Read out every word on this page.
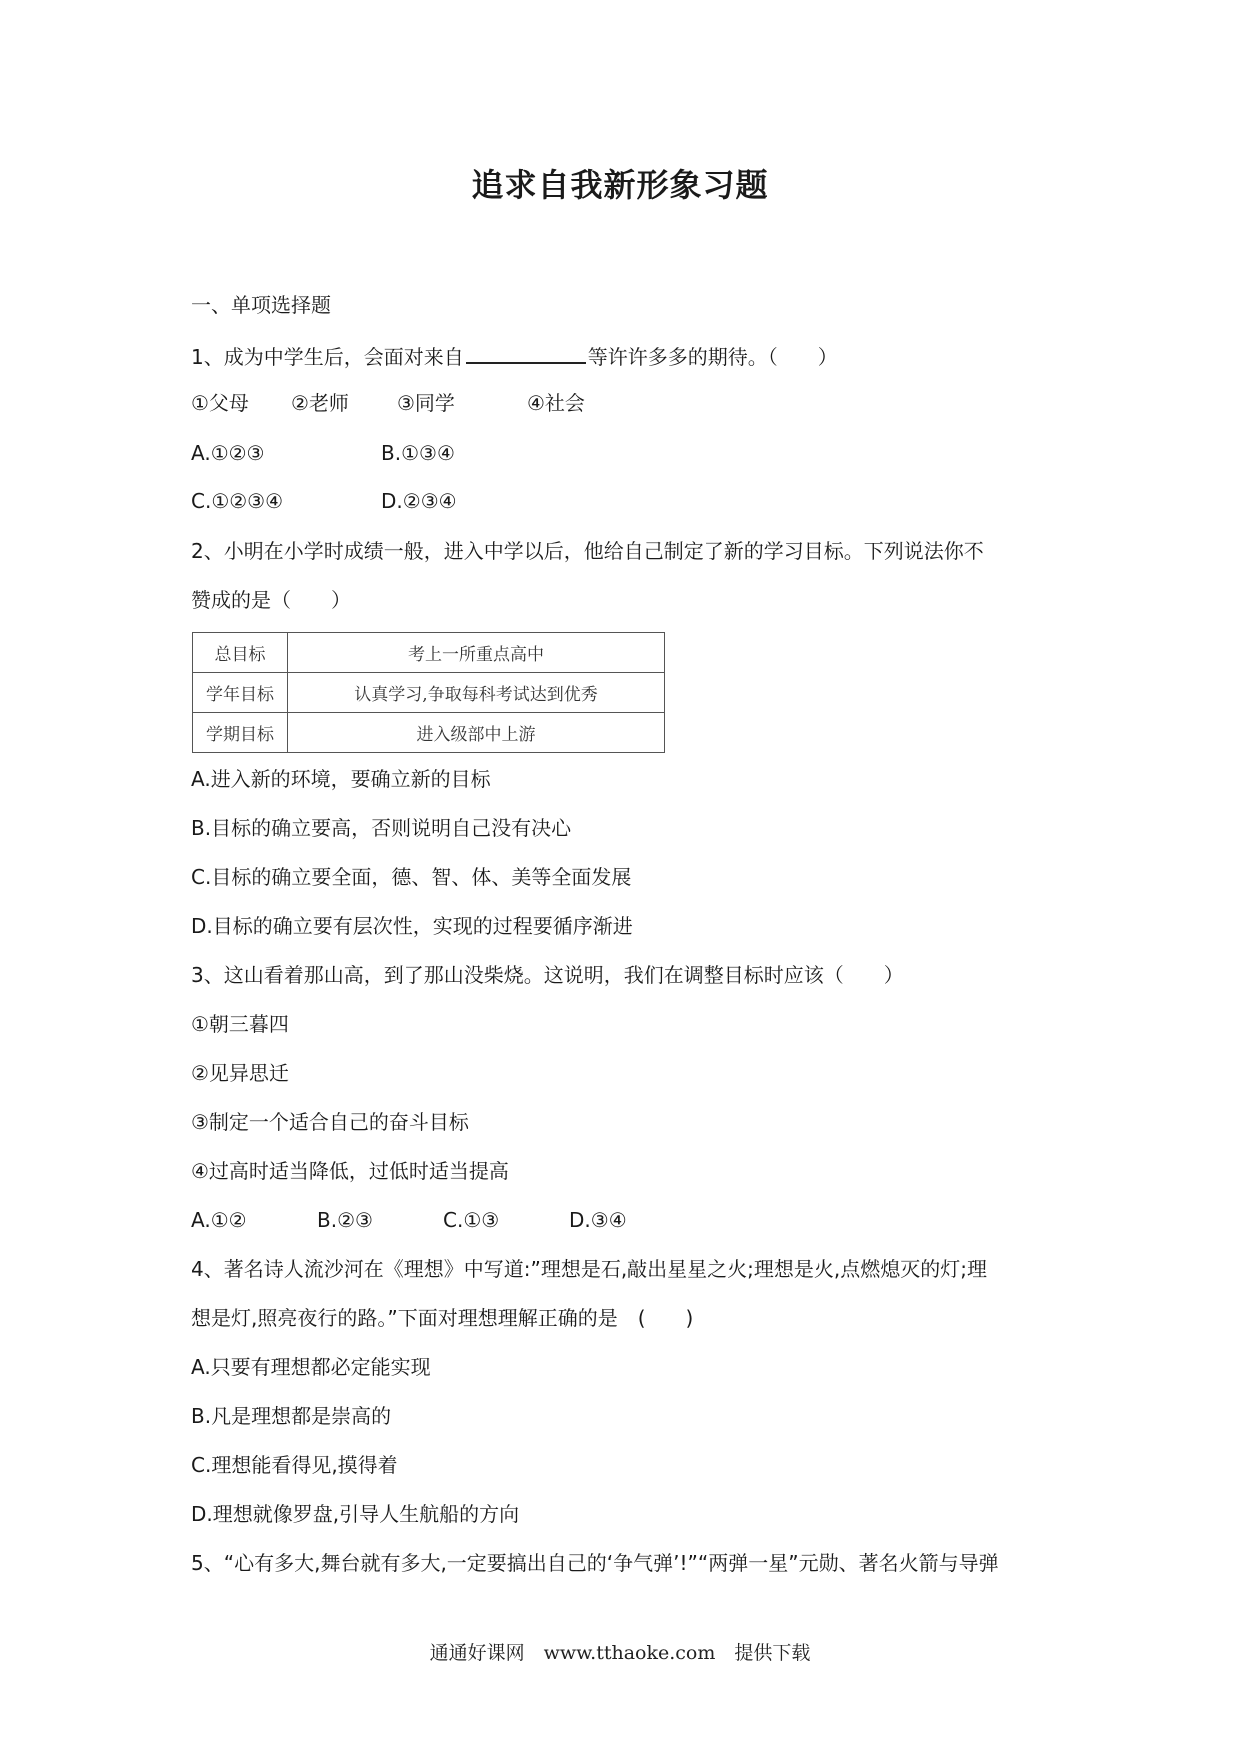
追求自我新形象习题
一、单项选择题
1、成为中学生后，会面对来自	等许许多多的期待。（　　）
①父母 ②老师 ③同学	④社会
A.①②③	B.①③④
C.①②③④	D.②③④
2、小明在小学时成绩一般，进入中学以后，他给自己制定了新的学习目标。下列说法你不
赞成的是（　　）
总目标	考上一所重点高中
学年目标	认真学习,争取每科考试达到优秀
学期目标	进入级部中上游
A.进入新的环境，要确立新的目标
B.目标的确立要高，否则说明自己没有决心
C.目标的确立要全面，德、智、体、美等全面发展
D.目标的确立要有层次性，实现的过程要循序渐进
3、这山看着那山高，到了那山没柴烧。这说明，我们在调整目标时应该（　　）
①朝三暮四
②见异思迁
③制定一个适合自己的奋斗目标
④过高时适当降低，过低时适当提高
A.①②	B.②③	C.①③	D.③④
4、著名诗人流沙河在《理想》中写道:”理想是石,敲出星星之火;理想是火,点燃熄灭的灯;理
想是灯,照亮夜行的路。”下面对理想理解正确的是　(　　)
A.只要有理想都必定能实现
B.凡是理想都是崇高的
C.理想能看得见,摸得着
D.理想就像罗盘,引导人生航船的方向
5、“心有多大,舞台就有多大,一定要搞出自己的‘争气弹’!”“两弹一星”元勋、著名火箭与导弹
通通好课网　www.tthaoke.com　提供下载
